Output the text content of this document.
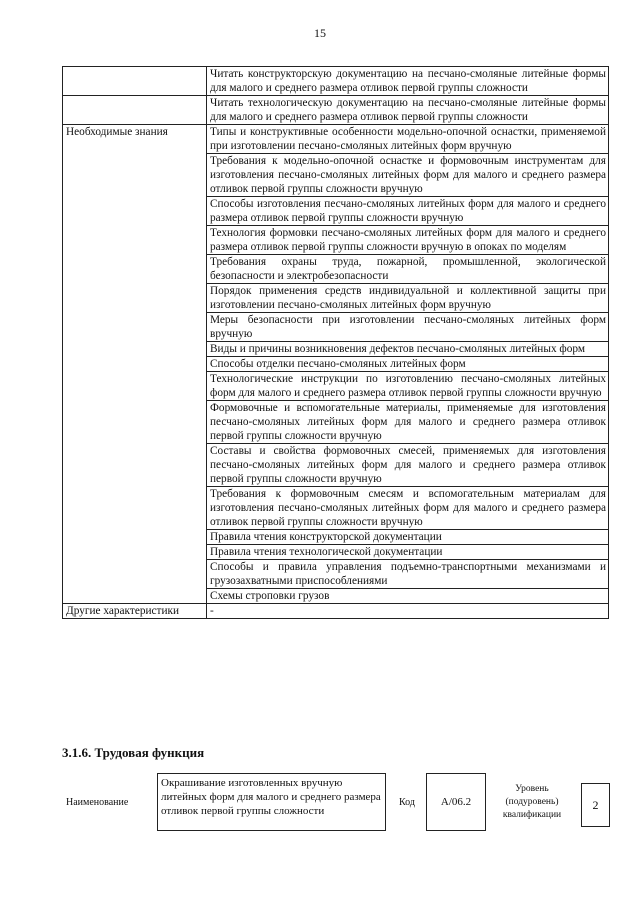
15
	Читать конструкторскую документацию на песчано-смоляные литейные формы для малого и среднего размера отливок первой группы сложности
	Читать технологическую документацию на песчано-смоляные литейные формы для малого и среднего размера отливок первой группы сложности
Необходимые знания	Типы и конструктивные особенности модельно-опочной оснастки, применяемой при изготовлении песчано-смоляных литейных форм вручную
	Требования к модельно-опочной оснастке и формовочным инструментам для изготовления песчано-смоляных литейных форм для малого и среднего размера отливок первой группы сложности вручную
	Способы изготовления песчано-смоляных литейных форм для малого и среднего размера отливок первой группы сложности вручную
	Технология формовки песчано-смоляных литейных форм для малого и среднего размера отливок первой группы сложности вручную в опоках по моделям
	Требования охраны труда, пожарной, промышленной, экологической безопасности и электробезопасности
	Порядок применения средств индивидуальной и коллективной защиты при изготовлении песчано-смоляных литейных форм вручную
	Меры безопасности при изготовлении песчано-смоляных литейных форм вручную
	Виды и причины возникновения дефектов песчано-смоляных литейных форм
	Способы отделки песчано-смоляных литейных форм
	Технологические инструкции по изготовлению песчано-смоляных литейных форм для малого и среднего размера отливок первой группы сложности вручную
	Формовочные и вспомогательные материалы, применяемые для изготовления песчано-смоляных литейных форм для малого и среднего размера отливок первой группы сложности вручную
	Составы и свойства формовочных смесей, применяемых для изготовления песчано-смоляных литейных форм для малого и среднего размера отливок первой группы сложности вручную
	Требования к формовочным смесям и вспомогательным материалам для изготовления песчано-смоляных литейных форм для малого и среднего размера отливок первой группы сложности вручную
	Правила чтения конструкторской документации
	Правила чтения технологической документации
	Способы и правила управления подъемно-транспортными механизмами и грузозахватными приспособлениями
	Схемы строповки грузов
Другие характеристики	-
3.1.6. Трудовая функция
Наименование
Окрашивание изготовленных вручную литейных форм для малого и среднего размера отливок первой группы сложности
Код	A/06.2
Уровень (подуровень) квалификации
2
